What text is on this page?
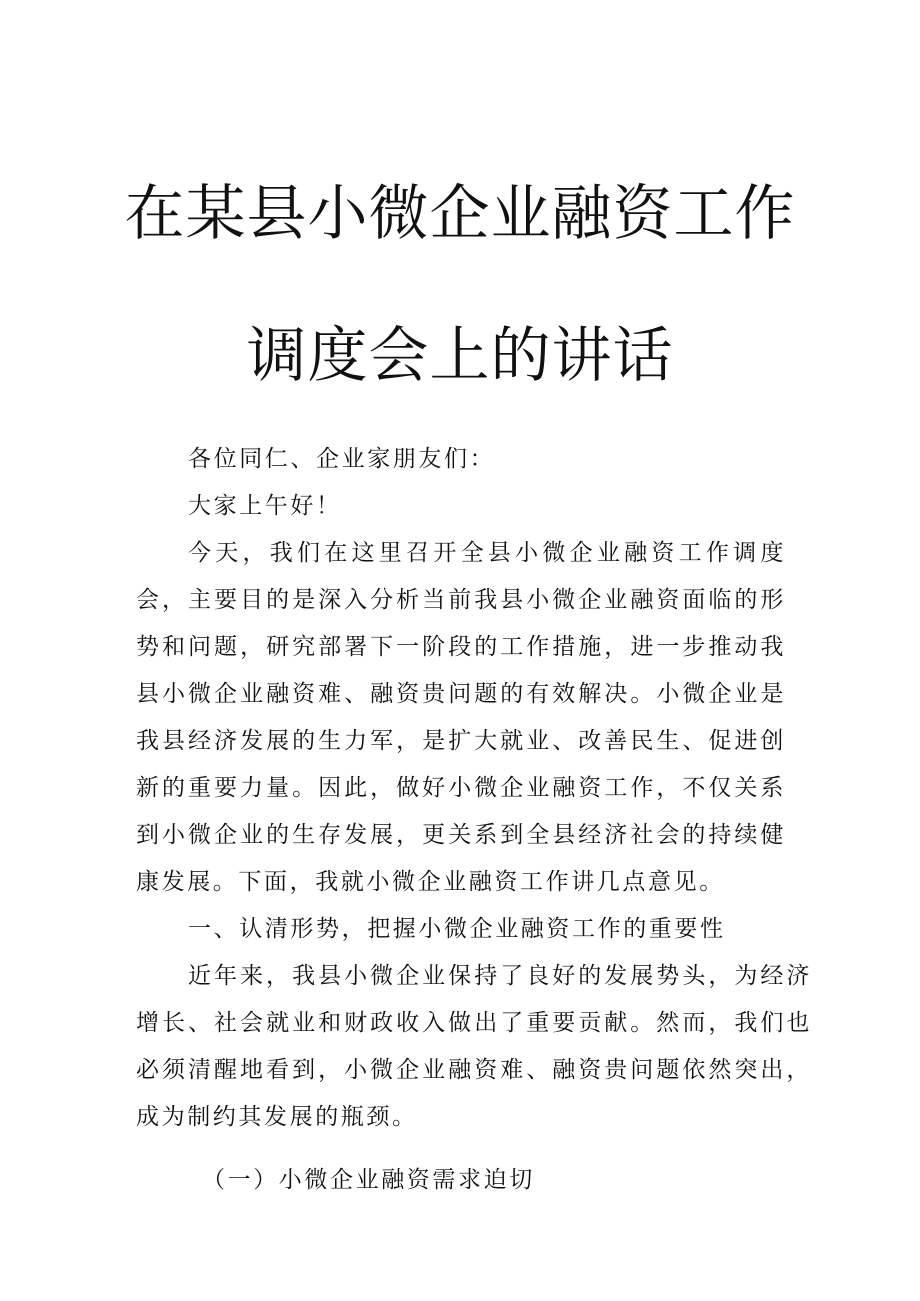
在某县小微企业融资工作
调度会上的讲话

各位同仁、企业家朋友们：

大家上午好！

今天，我们在这里召开全县小微企业融资工作调度会，主要目的是深入分析当前我县小微企业融资面临的形势和问题，研究部署下一阶段的工作措施，进一步推动我县小微企业融资难、融资贵问题的有效解决。小微企业是我县经济发展的生力军，是扩大就业、改善民生、促进创新的重要力量。因此，做好小微企业融资工作，不仅关系到小微企业的生存发展，更关系到全县经济社会的持续健康发展。下面，我就小微企业融资工作讲几点意见。

一、认清形势，把握小微企业融资工作的重要性

近年来，我县小微企业保持了良好的发展势头，为经济增长、社会就业和财政收入做出了重要贡献。然而，我们也必须清醒地看到，小微企业融资难、融资贵问题依然突出，成为制约其发展的瓶颈。

（一）小微企业融资需求迫切
